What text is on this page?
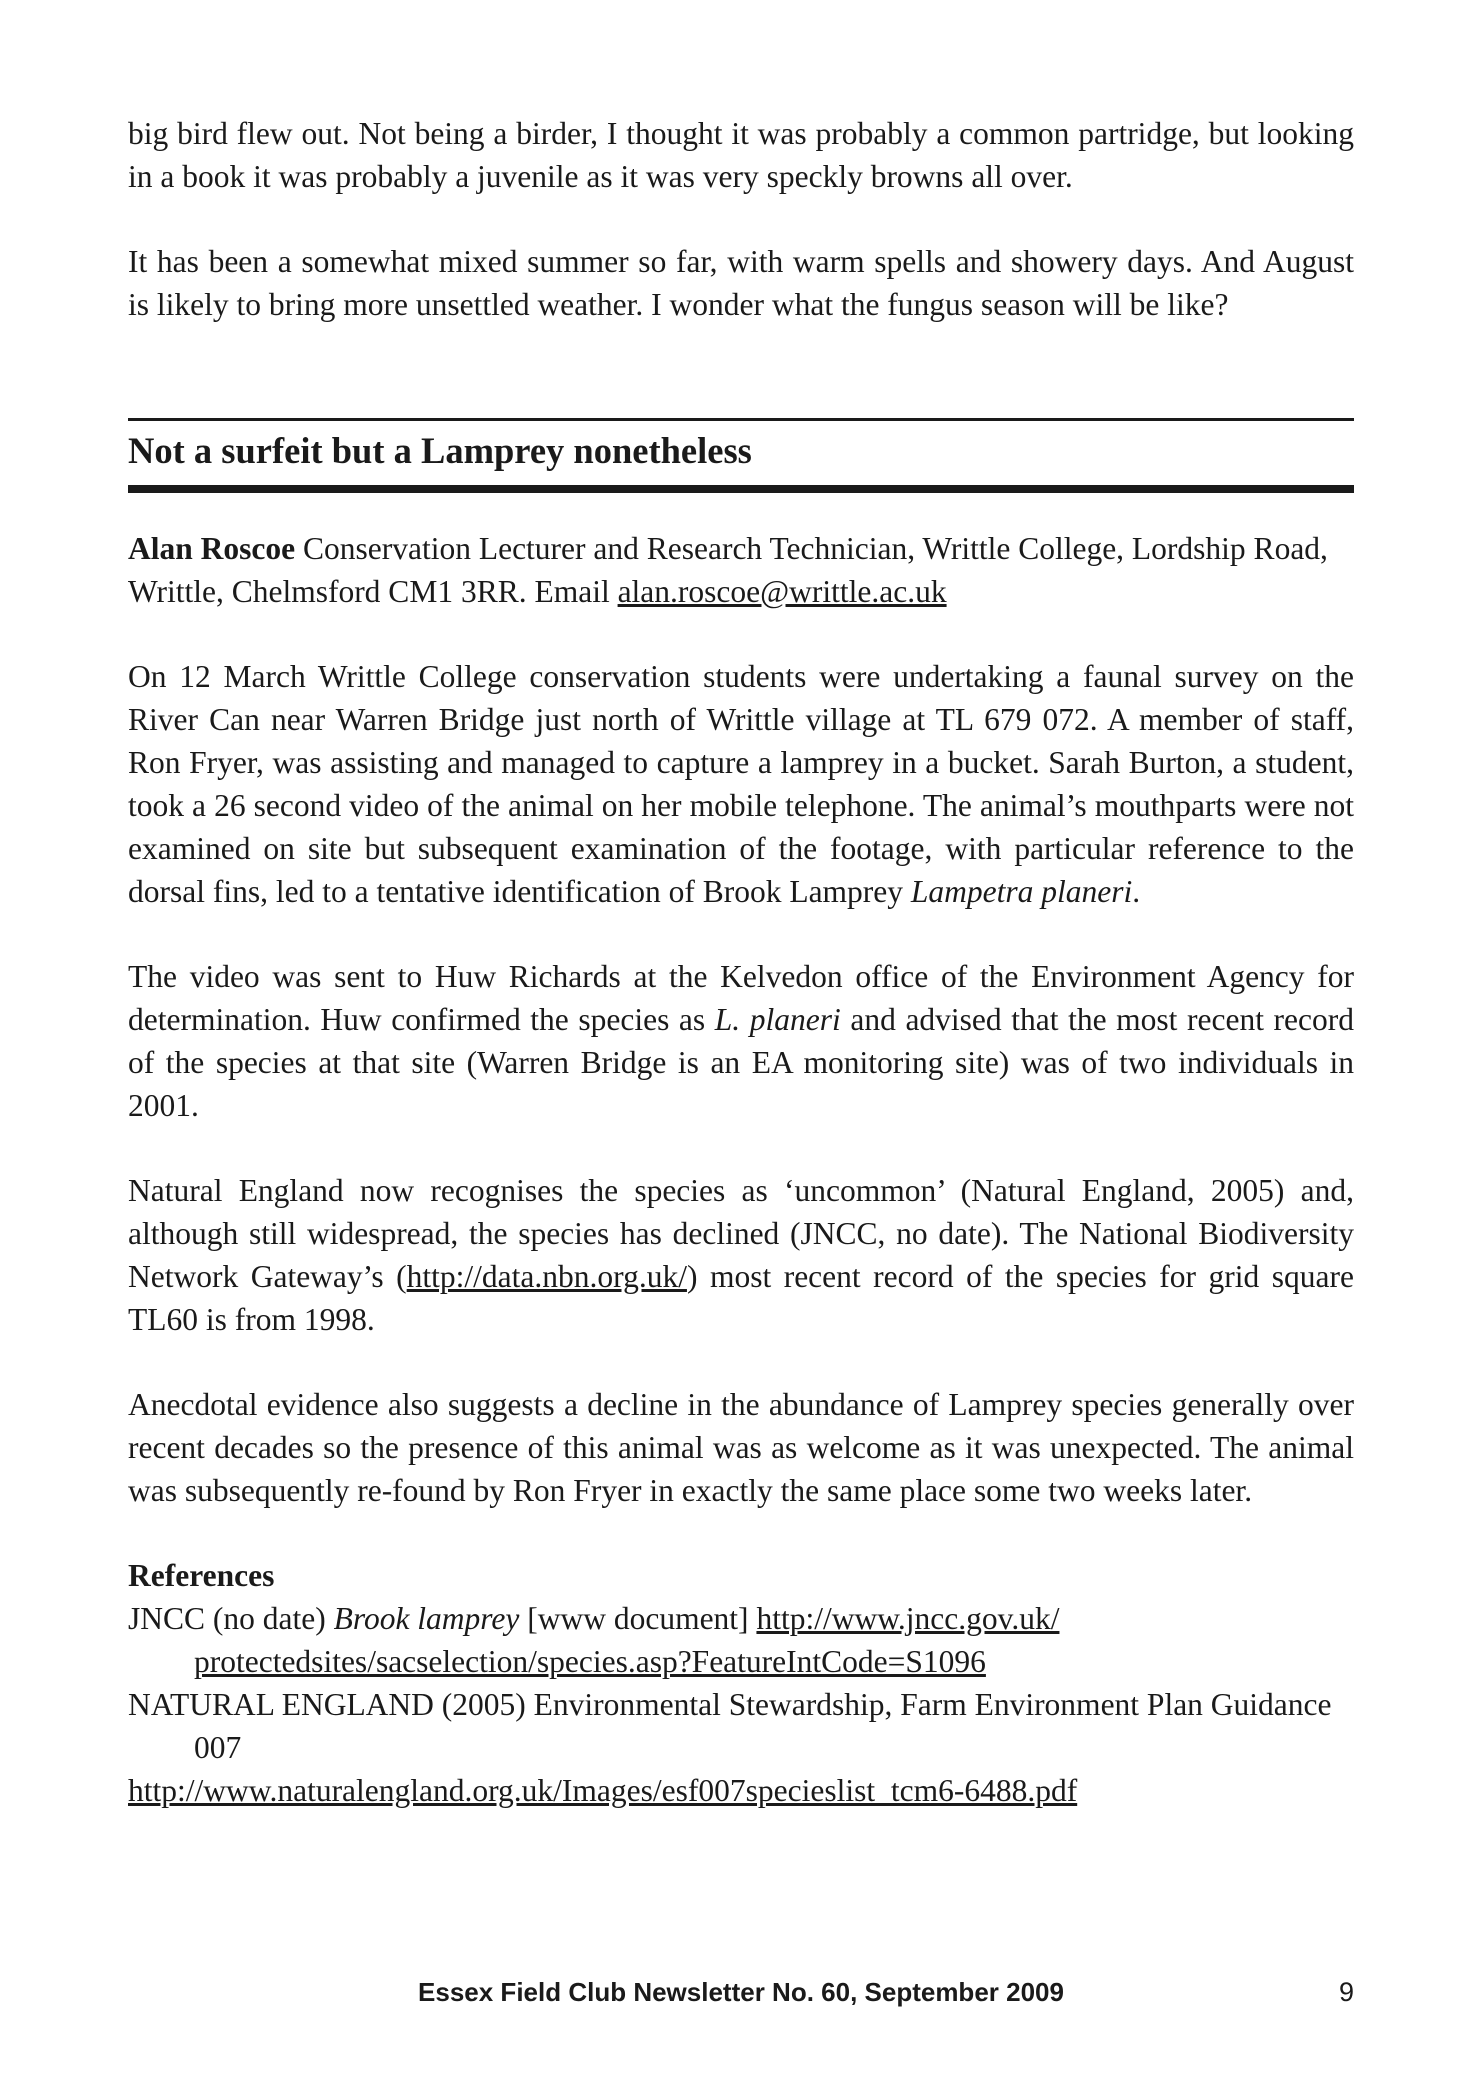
big bird flew out. Not being a birder, I thought it was probably a common partridge, but looking in a book it was probably a juvenile as it was very speckly browns all over.

It has been a somewhat mixed summer so far, with warm spells and showery days. And August is likely to bring more unsettled weather. I wonder what the fungus season will be like?

Not a surfeit but a Lamprey nonetheless

Alan Roscoe Conservation Lecturer and Research Technician, Writtle College, Lordship Road, Writtle, Chelmsford CM1 3RR. Email alan.roscoe@writtle.ac.uk

On 12 March Writtle College conservation students were undertaking a faunal survey on the River Can near Warren Bridge just north of Writtle village at TL 679 072. A member of staff, Ron Fryer, was assisting and managed to capture a lamprey in a bucket. Sarah Burton, a student, took a 26 second video of the animal on her mobile telephone. The animal’s mouthparts were not examined on site but subsequent examination of the footage, with particular reference to the dorsal fins, led to a tentative identification of Brook Lamprey Lampetra planeri.

The video was sent to Huw Richards at the Kelvedon office of the Environment Agency for determination. Huw confirmed the species as L. planeri and advised that the most recent record of the species at that site (Warren Bridge is an EA monitoring site) was of two individuals in 2001.

Natural England now recognises the species as ‘uncommon’ (Natural England, 2005) and, although still widespread, the species has declined (JNCC, no date). The National Biodiversity Network Gateway’s (http://data.nbn.org.uk/) most recent record of the species for grid square TL60 is from 1998.

Anecdotal evidence also suggests a decline in the abundance of Lamprey species generally over recent decades so the presence of this animal was as welcome as it was unexpected. The animal was subsequently re-found by Ron Fryer in exactly the same place some two weeks later.

References

JNCC (no date) Brook lamprey [www document] http://www.jncc.gov.uk/
protectedsites/sacselection/species.asp?FeatureIntCode=S1096

NATURAL ENGLAND (2005) Environmental Stewardship, Farm Environment Plan Guidance 007

http://www.naturalengland.org.uk/Images/esf007specieslist_tcm6-6488.pdf

Essex Field Club Newsletter No. 60, September 2009	9
